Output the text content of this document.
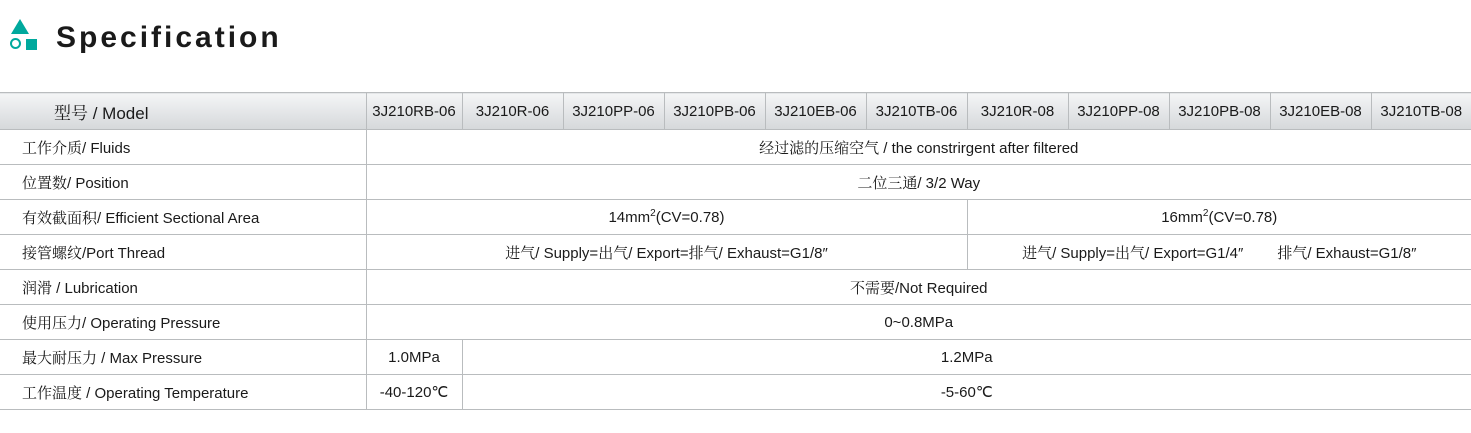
Specification
型号 / Model	3J210RB-06	3J210R-06	3J210PP-06	3J210PB-06	3J210EB-06	3J210TB-06	3J210R-08	3J210PP-08	3J210PB-08	3J210EB-08	3J210TB-08
工作介质/ Fluids	经过滤的压缩空气 / the constrirgent after filtered										
位置数/ Position	二位三通/ 3/2 Way										
有效截面积/ Efficient Sectional Area	$14mm^2(CV=0.78)$						$16mm^2(CV=0.78)$				
接管螺纹/Port Thread	进气/ Supply=出气/ Export=排气/ Exhaust=G1/8″						进气/ Supply=出气/ Export=G1/4″ 排气/ Exhaust=G1/8″				
润滑 / Lubrication	不需要/Not Required										
使用压力/ Operating Pressure	0~0.8MPa										
最大耐压力 / Max Pressure	1.0MPa	1.2MPa									
工作温度 / Operating Temperature	-40-120℃	-5-60℃									
